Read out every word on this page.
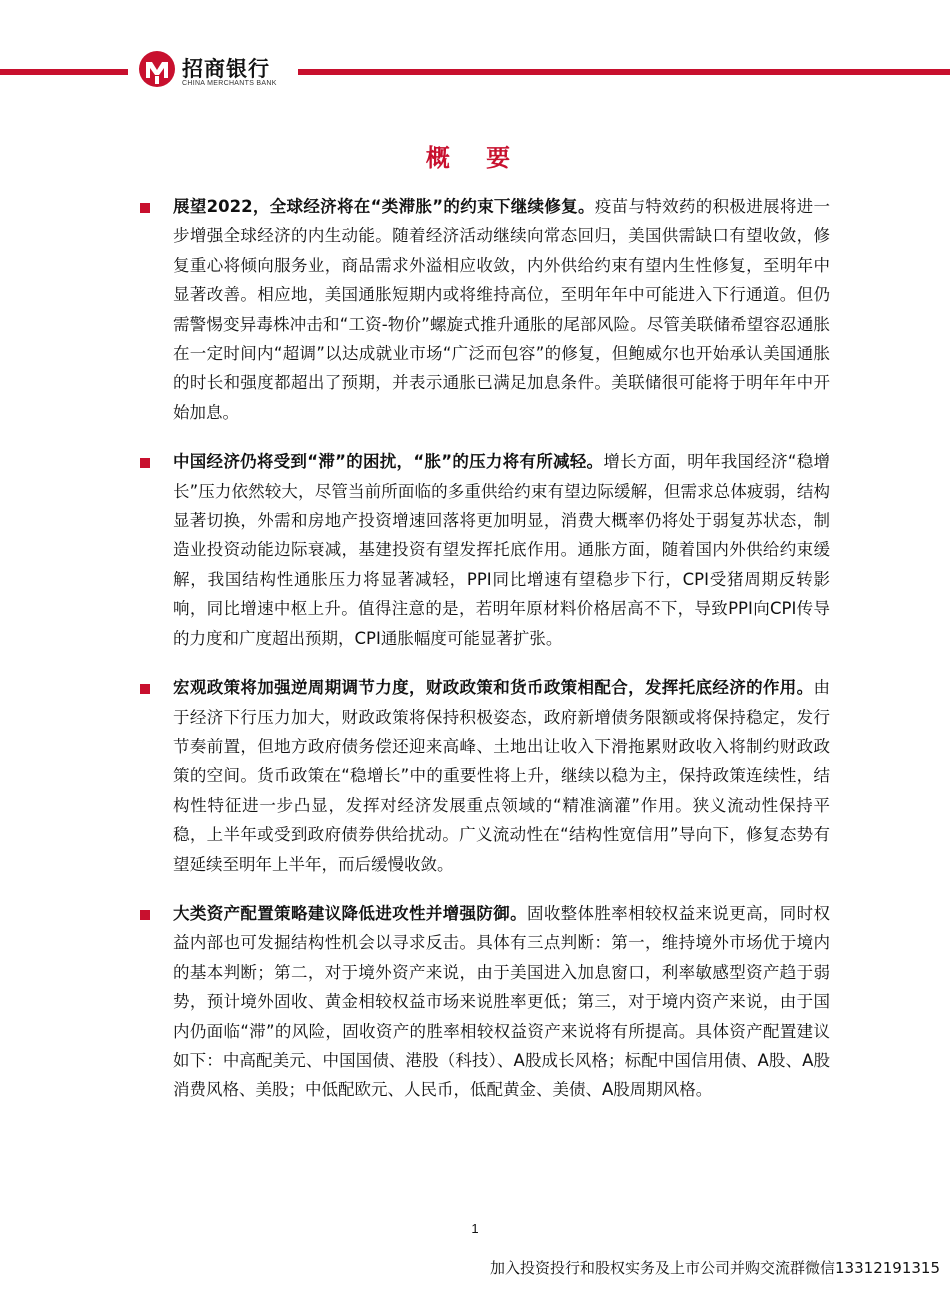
招商银行
CHINA MERCHANTS BANK
概 要

展望2022，全球经济将在“类滞胀”的约束下继续修复。疫苗与特效药的积极进展将进一步增强全球经济的内生动能。随着经济活动继续向常态回归，美国供需缺口有望收敛，修复重心将倾向服务业，商品需求外溢相应收敛，内外供给约束有望内生性修复，至明年中显著改善。相应地，美国通胀短期内或将维持高位，至明年年中可能进入下行通道。但仍需警惕变异毒株冲击和“工资-物价”螺旋式推升通胀的尾部风险。尽管美联储希望容忍通胀在一定时间内“超调”以达成就业市场“广泛而包容”的修复，但鲍威尔也开始承认美国通胀的时长和强度都超出了预期，并表示通胀已满足加息条件。美联储很可能将于明年年中开始加息。

中国经济仍将受到“滞”的困扰，“胀”的压力将有所减轻。增长方面，明年我国经济“稳增长”压力依然较大，尽管当前所面临的多重供给约束有望边际缓解，但需求总体疲弱，结构显著切换，外需和房地产投资增速回落将更加明显，消费大概率仍将处于弱复苏状态，制造业投资动能边际衰减，基建投资有望发挥托底作用。通胀方面，随着国内外供给约束缓解，我国结构性通胀压力将显著减轻，PPI同比增速有望稳步下行，CPI受猪周期反转影响，同比增速中枢上升。值得注意的是，若明年原材料价格居高不下，导致PPI向CPI传导的力度和广度超出预期，CPI通胀幅度可能显著扩张。

宏观政策将加强逆周期调节力度，财政政策和货币政策相配合，发挥托底经济的作用。由于经济下行压力加大，财政政策将保持积极姿态，政府新增债务限额或将保持稳定，发行节奏前置，但地方政府债务偿还迎来高峰、土地出让收入下滑拖累财政收入将制约财政政策的空间。货币政策在“稳增长”中的重要性将上升，继续以稳为主，保持政策连续性，结构性特征进一步凸显，发挥对经济发展重点领域的“精准滴灌”作用。狭义流动性保持平稳，上半年或受到政府债券供给扰动。广义流动性在“结构性宽信用”导向下，修复态势有望延续至明年上半年，而后缓慢收敛。

大类资产配置策略建议降低进攻性并增强防御。固收整体胜率相较权益来说更高，同时权益内部也可发掘结构性机会以寻求反击。具体有三点判断：第一，维持境外市场优于境内的基本判断；第二，对于境外资产来说，由于美国进入加息窗口，利率敏感型资产趋于弱势，预计境外固收、黄金相较权益市场来说胜率更低；第三，对于境内资产来说，由于国内仍面临“滞”的风险，固收资产的胜率相较权益资产来说将有所提高。具体资产配置建议如下：中高配美元、中国国债、港股（科技）、A股成长风格；标配中国信用债、A股、A股消费风格、美股；中低配欧元、人民币，低配黄金、美债、A股周期风格。

1
加入投资投行和股权实务及上市公司并购交流群微信13312191315
